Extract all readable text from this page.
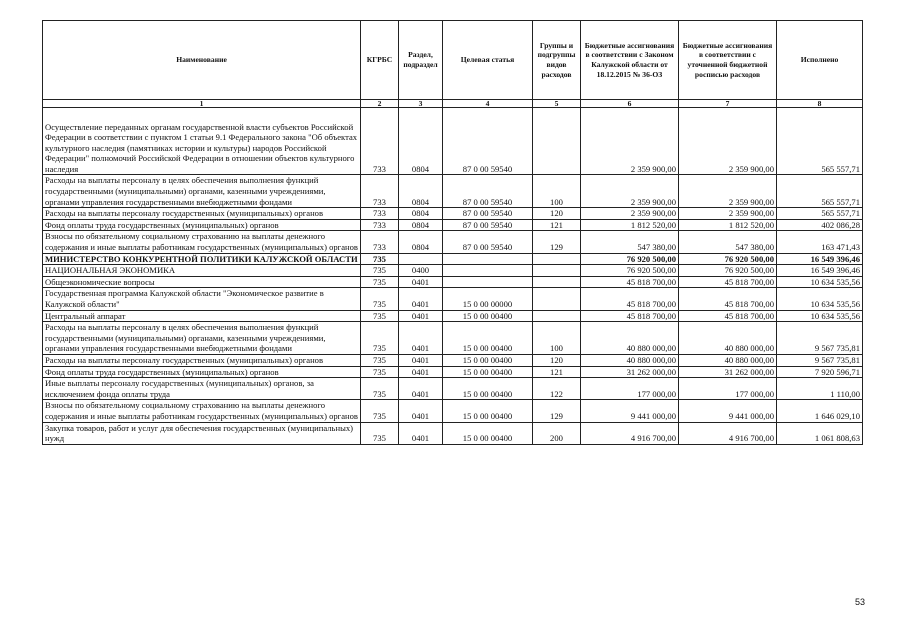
Наименование	КГРБС	Раздел, подраздел	Целевая статья	Группы и подгруппы видов расходов	Бюджетные ассигнования в соответствии с Законом Калужской области от 18.12.2015 № 36-ОЗ	Бюджетные ассигнования в соответствии с уточненной бюджетной росписью расходов	Исполнено
1	2	3	4	5	6	7	8

Осуществление переданных органам государственной власти субъектов Российской Федерации в соответствии с пунктом 1 статьи 9.1 Федерального закона "Об объектах культурного наследия (памятниках истории и культуры) народов Российской Федерации" полномочий Российской Федерации в отношении объектов культурного наследия	733	0804	87 0 00 59540		2 359 900,00	2 359 900,00	565 557,71
Расходы на выплаты персоналу в целях обеспечения выполнения функций государственными (муниципальными) органами, казенными учреждениями, органами управления государственными внебюджетными фондами	733	0804	87 0 00 59540	100	2 359 900,00	2 359 900,00	565 557,71
Расходы на выплаты персоналу государственных (муниципальных) органов	733	0804	87 0 00 59540	120	2 359 900,00	2 359 900,00	565 557,71
Фонд оплаты труда государственных (муниципальных) органов	733	0804	87 0 00 59540	121	1 812 520,00	1 812 520,00	402 086,28
Взносы по обязательному социальному страхованию на выплаты денежного содержания и иные выплаты работникам государственных (муниципальных) органов	733	0804	87 0 00 59540	129	547 380,00	547 380,00	163 471,43
МИНИСТЕРСТВО КОНКУРЕНТНОЙ ПОЛИТИКИ КАЛУЖСКОЙ ОБЛАСТИ	735				76 920 500,00	76 920 500,00	16 549 396,46
НАЦИОНАЛЬНАЯ ЭКОНОМИКА	735	0400			76 920 500,00	76 920 500,00	16 549 396,46
Общеэкономические вопросы	735	0401			45 818 700,00	45 818 700,00	10 634 535,56
Государственная программа Калужской области "Экономическое развитие в Калужской области"	735	0401	15 0 00 00000		45 818 700,00	45 818 700,00	10 634 535,56
Центральный аппарат	735	0401	15 0 00 00400		45 818 700,00	45 818 700,00	10 634 535,56
Расходы на выплаты персоналу в целях обеспечения выполнения функций государственными (муниципальными) органами, казенными учреждениями, органами управления государственными внебюджетными фондами	735	0401	15 0 00 00400	100	40 880 000,00	40 880 000,00	9 567 735,81
Расходы на выплаты персоналу государственных (муниципальных) органов	735	0401	15 0 00 00400	120	40 880 000,00	40 880 000,00	9 567 735,81
Фонд оплаты труда государственных (муниципальных) органов	735	0401	15 0 00 00400	121	31 262 000,00	31 262 000,00	7 920 596,71
Иные выплаты персоналу государственных (муниципальных) органов, за исключением фонда оплаты труда	735	0401	15 0 00 00400	122	177 000,00	177 000,00	1 110,00
Взносы по обязательному социальному страхованию на выплаты денежного содержания и иные выплаты работникам государственных (муниципальных) органов	735	0401	15 0 00 00400	129	9 441 000,00	9 441 000,00	1 646 029,10
Закупка товаров, работ и услуг для обеспечения государственных (муниципальных) нужд	735	0401	15 0 00 00400	200	4 916 700,00	4 916 700,00	1 061 808,63
53
